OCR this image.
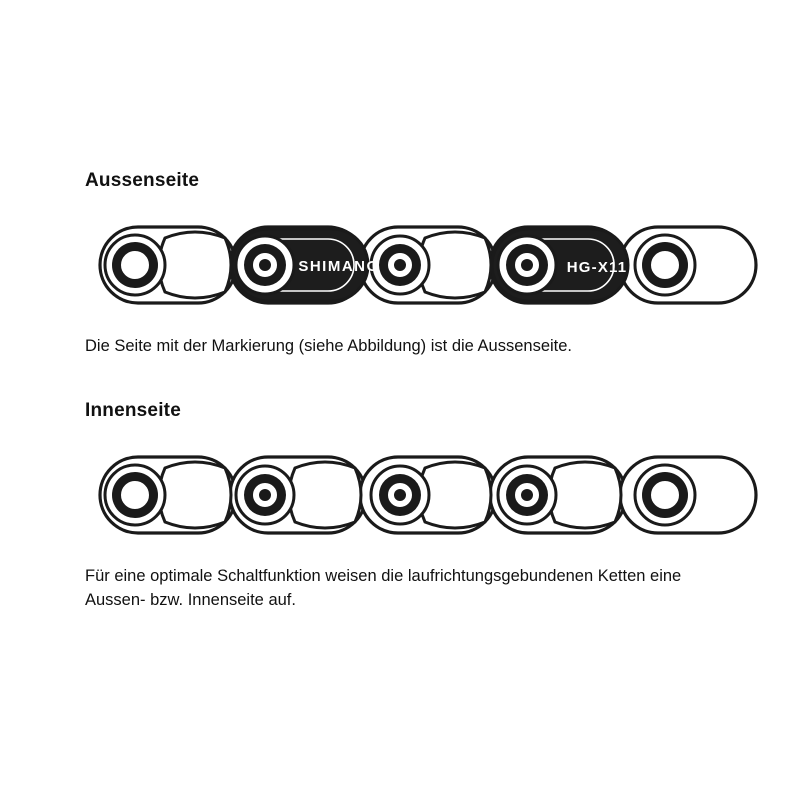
Aussenseite
SHIMANO	HG-X11

Die Seite mit der Markierung (siehe Abbildung) ist die Aussenseite.

Innenseite

Für eine optimale Schaltfunktion weisen die laufrichtungsgebundenen Ketten eine

Aussen- bzw. Innenseite auf.
